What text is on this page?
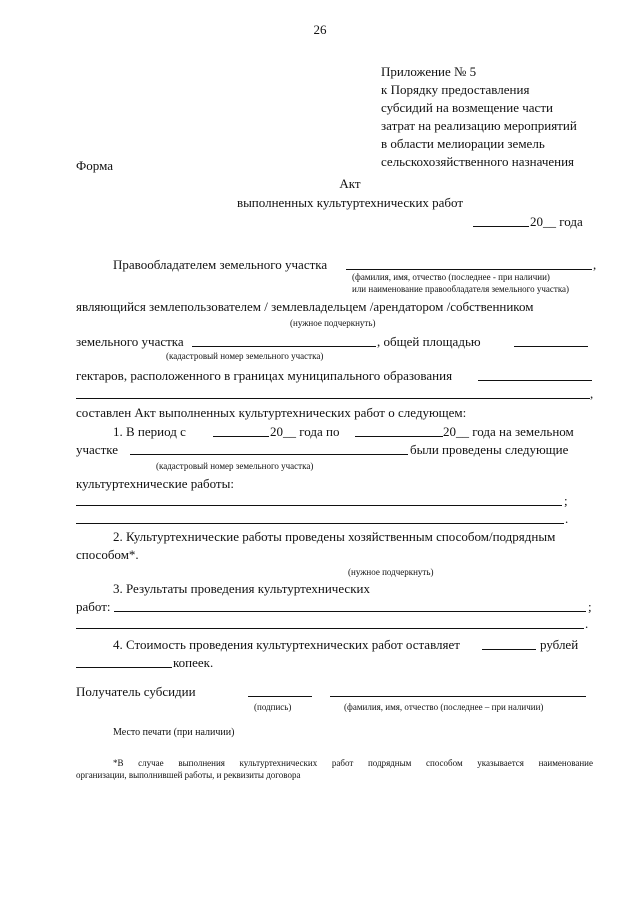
26
Приложение № 5
к Порядку предоставления
субсидий на возмещение части
затрат на реализацию мероприятий
в области мелиорации земель
сельскохозяйственного назначения
Форма
Акт
выполненных культуртехнических работ
20__ года
Правообладателем земельного участка	,
(фамилия, имя, отчество (последнее - при наличии)
или наименование правообладателя земельного участка)
являющийся землепользователем / землевладельцем /арендатором /собственником
(нужное подчеркнуть)
земельного участка	, общей площадью
(кадастровый номер земельного участка)
гектаров, расположенного в границах муниципального образования
,
составлен Акт выполненных культуртехнических работ о следующем:
1. В период с	20__ года по	20__ года на земельном
участке	были проведены следующие
(кадастровый номер земельного участка)
культуртехнические работы:
;
.
2. Культуртехнические работы проведены хозяйственным способом/подрядным
способом*.
(нужное подчеркнуть)
3. Результаты проведения культуртехнических
работ:	;
.
4. Стоимость проведения культуртехнических работ оставляет	рублей
копеек.
Получатель субсидии
(подпись)	(фамилия, имя, отчество (последнее – при наличии)
Место печати (при наличии)
*В случае выполнения культуртехнических работ подрядным способом указывается наименование
организации, выполнившей работы, и реквизиты договора
